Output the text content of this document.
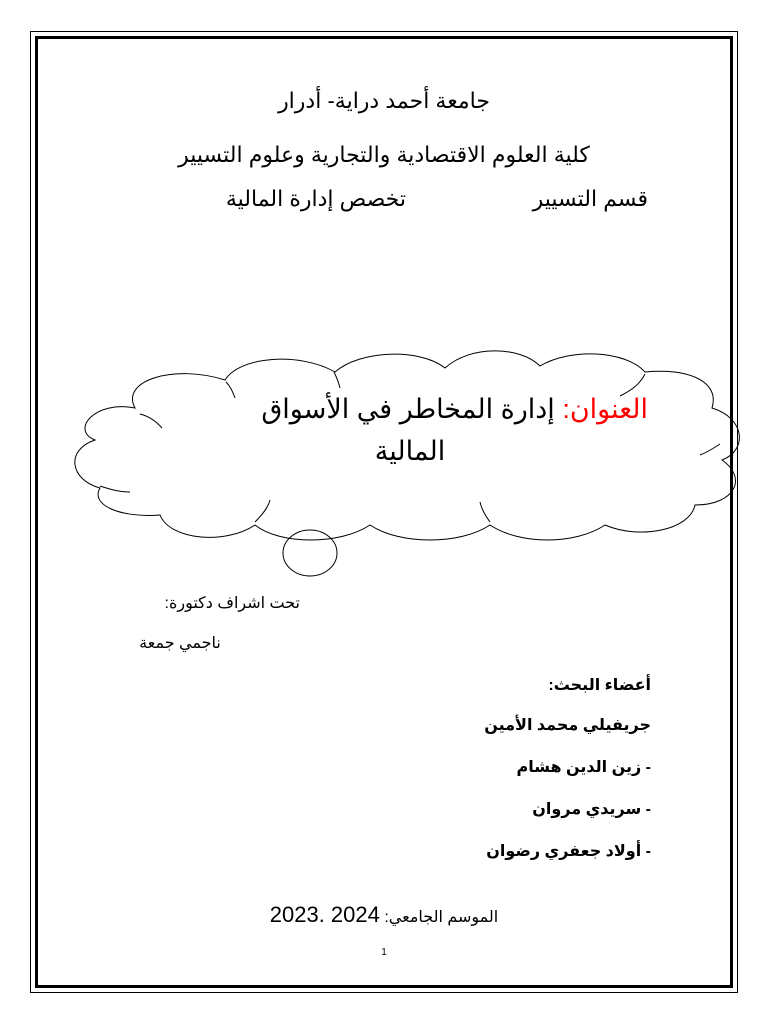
جامعة أحمد دراية- أدرار
كلية العلوم الاقتصادية والتجارية وعلوم التسيير
قسم التسيير
تخصص إدارة المالية
العنوان: إدارة المخاطر في الأسواق
المالية
تحت اشراف دكتورة:
ناجمي جمعة
أعضاء البحث:
جريفيلي محمد الأمين
- زين الدين هشام
- سريدي مروان
- أولاد جعفري رضوان
الموسم الجامعي: 2023. 2024
1
